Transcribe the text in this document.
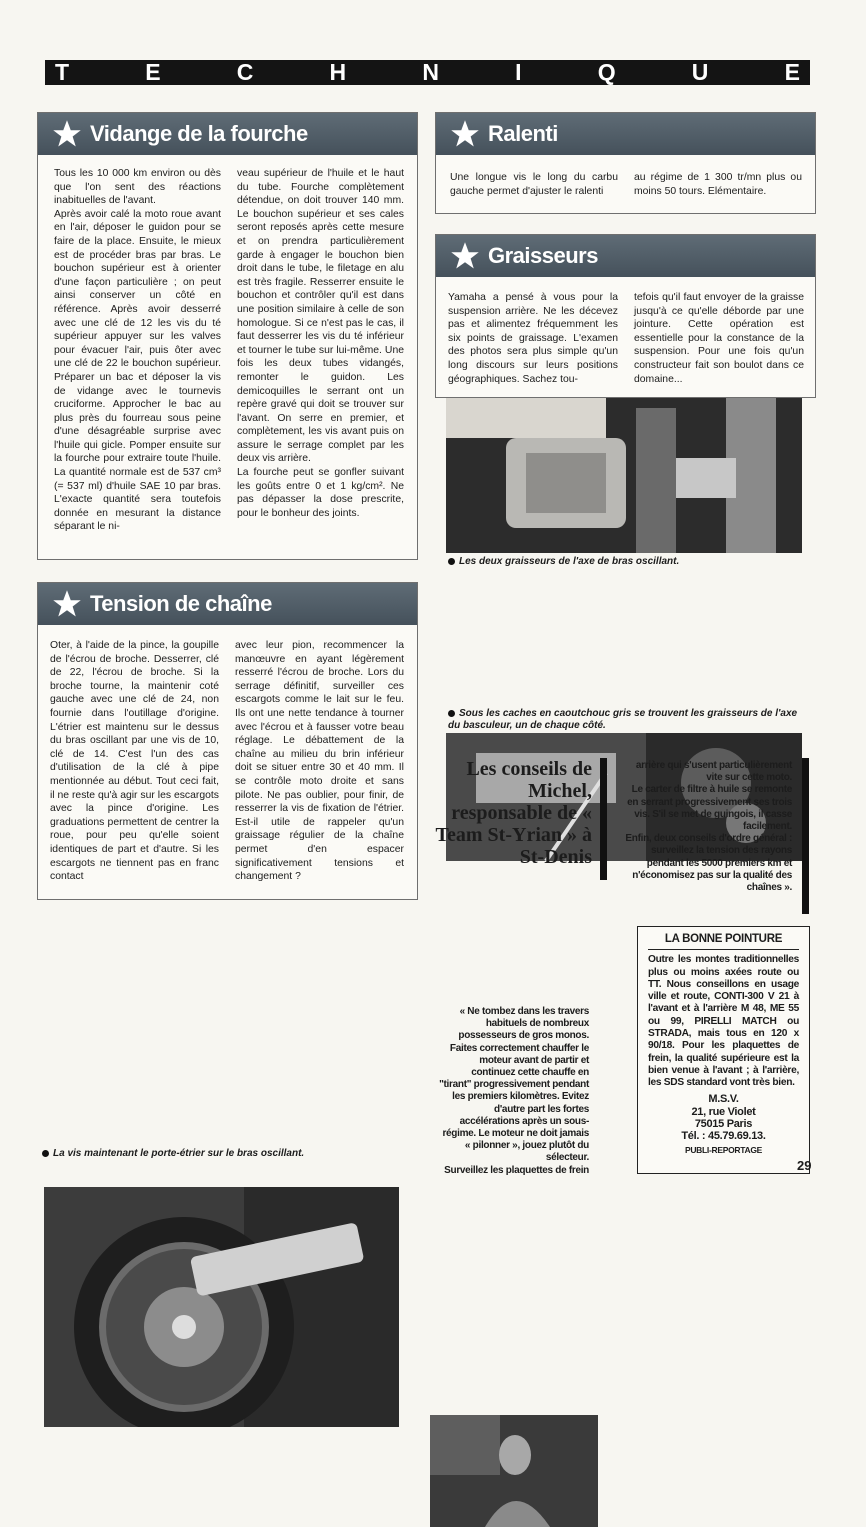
T	E	C	H	N	I	Q	U	E
Vidange de la fourche
Tous les 10 000 km environ ou dès que l'on sent des réactions inabituelles de l'avant.
Après avoir calé la moto roue avant en l'air, déposer le guidon pour se faire de la place. Ensuite, le mieux est de procéder bras par bras. Le bouchon supérieur est à orienter d'une façon particulière ; on peut ainsi conserver un côté en référence. Après avoir desserré avec une clé de 12 les vis du té supérieur appuyer sur les valves pour évacuer l'air, puis ôter avec une clé de 22 le bouchon supérieur. Préparer un bac et déposer la vis de vidange avec le tournevis cruciforme. Approcher le bac au plus près du fourreau sous peine d'une désagréable surprise avec l'huile qui gicle. Pomper ensuite sur la fourche pour extraire toute l'huile. La quantité normale est de 537 cm³ (= 537 ml) d'huile SAE 10 par bras. L'exacte quantité sera toutefois donnée en mesurant la distance séparant le ni-
veau supérieur de l'huile et le haut du tube. Fourche complètement détendue, on doit trouver 140 mm. Le bouchon supérieur et ses cales seront reposés après cette mesure et on prendra particulièrement garde à engager le bouchon bien droit dans le tube, le filetage en alu est très fragile. Resserrer ensuite le bouchon et contrôler qu'il est dans une position similaire à celle de son homologue. Si ce n'est pas le cas, il faut desserrer les vis du té inférieur et tourner le tube sur lui-même. Une fois les deux tubes vidangés, remonter le guidon. Les demicoquilles le serrant ont un repère gravé qui doit se trouver sur l'avant. On serre en premier, et complètement, les vis avant puis on assure le serrage complet par les deux vis arrière.
La fourche peut se gonfler suivant les goûts entre 0 et 1 kg/cm². Ne pas dépasser la dose prescrite, pour le bonheur des joints.
Ralenti
Une longue vis le long du carbu gauche permet d'ajuster le ralenti
au régime de 1 300 tr/mn plus ou moins 50 tours. Elémentaire.
Graisseurs
Yamaha a pensé à vous pour la suspension arrière. Ne les décevez pas et alimentez fréquemment les six points de graissage. L'examen des photos sera plus simple qu'un long discours sur leurs positions géographiques. Sachez tou-
tefois qu'il faut envoyer de la graisse jusqu'à ce qu'elle déborde par une jointure. Cette opération est essentielle pour la constance de la suspension. Pour une fois qu'un constructeur fait son boulot dans ce domaine...
Les deux graisseurs de l'axe de bras oscillant.
Sous les caches en caoutchouc gris se trouvent les graisseurs de l'axe du basculeur, un de chaque côté.
Tension de chaîne
Oter, à l'aide de la pince, la goupille de l'écrou de broche. Desserrer, clé de 22, l'écrou de broche. Si la broche tourne, la maintenir coté gauche avec une clé de 24, non fournie dans l'outillage d'origine. L'étrier est maintenu sur le dessus du bras oscillant par une vis de 10, clé de 14. C'est l'un des cas d'utilisation de la clé à pipe mentionnée au début. Tout ceci fait, il ne reste qu'à agir sur les escargots avec la pince d'origine. Les graduations permettent de centrer la roue, pour peu qu'elle soient identiques de part et d'autre. Si les escargots ne tiennent pas en franc contact
avec leur pion, recommencer la manœuvre en ayant légèrement resserré l'écrou de broche. Lors du serrage définitif, surveiller ces escargots comme le lait sur le feu. Ils ont une nette tendance à tourner avec l'écrou et à fausser votre beau réglage. Le débattement de la chaîne au milieu du brin inférieur doit se situer entre 30 et 40 mm. Il se contrôle moto droite et sans pilote. Ne pas oublier, pour finir, de resserrer la vis de fixation de l'étrier. Est-il utile de rappeler qu'un graissage régulier de la chaîne permet d'en espacer significativement tensions et changement ?
La vis maintenant le porte-étrier sur le bras oscillant.
Les conseils de Michel, responsable de « Team St-Yrian » à St-Denis
« Ne tombez dans les travers habituels de nombreux possesseurs de gros monos. Faites correctement chauffer le moteur avant de partir et continuez cette chauffe en "tirant" progressivement pendant les premiers kilomètres. Evitez d'autre part les fortes accélérations après un sous-régime. Le moteur ne doit jamais « pilonner », jouez plutôt du sélecteur.
Surveillez les plaquettes de frein
arrière qui s'usent particulièrement vite sur cette moto.
Le carter de filtre à huile se remonte en serrant progressivement ses trois vis. S'il se met de guingois, il casse facilement.
Enfin, deux conseils d'ordre général : surveillez la tension des rayons pendant les 5000 premiers km et n'économisez pas sur la qualité des chaînes ».
LA BONNE POINTURE
Outre les montes traditionnelles plus ou moins axées route ou TT. Nous conseillons en usage ville et route, CONTI-300 V 21 à l'avant et à l'arrière M 48, ME 55 ou 99, PIRELLI MATCH ou STRADA, mais tous en 120 x 90/18. Pour les plaquettes de frein, la qualité supérieure est la bien venue à l'avant ; à l'arrière, les SDS standard vont très bien.
M.S.V.
21, rue Violet
75015 Paris
Tél. : 45.79.69.13.
PUBLI-REPORTAGE
29
